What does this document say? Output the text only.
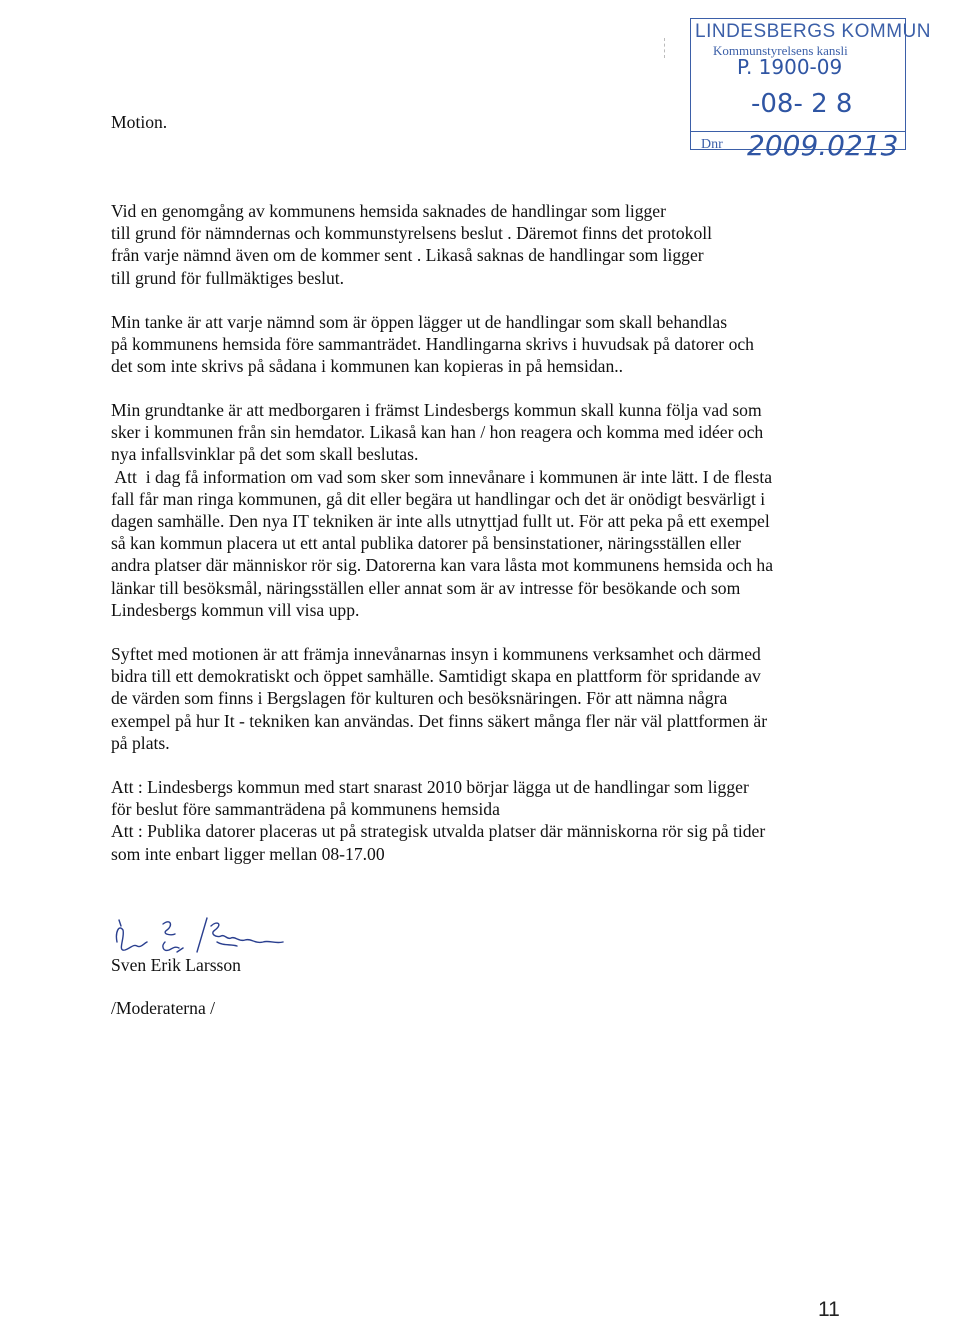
LINDESBERGS KOMMUN
Kommunstyrelsens kansli
P. 1900-09
-08- 2 8
Dnr 2009.0213
Motion.
Vid en genomgång av kommunens hemsida saknades de handlingar som ligger
till grund för nämndernas och kommunstyrelsens beslut . Däremot finns det protokoll
från varje nämnd även om de kommer sent . Likaså saknas de handlingar som ligger
till grund för fullmäktiges beslut.
Min tanke är att varje nämnd som är öppen lägger ut de handlingar som skall behandlas
på kommunens hemsida före sammanträdet. Handlingarna skrivs i huvudsak på datorer och
det som inte skrivs på sådana i kommunen kan kopieras in på hemsidan..
Min grundtanke är att medborgaren i främst Lindesbergs kommun skall kunna följa vad som
sker i kommunen från sin hemdator. Likaså kan han / hon reagera och komma med idéer och
nya infallsvinklar på det som skall beslutas.
Att  i dag få information om vad som sker som innevånare i kommunen är inte lätt. I de flesta
fall får man ringa kommunen, gå dit eller begära ut handlingar och det är onödigt besvärligt i
dagen samhälle. Den nya IT tekniken är inte alls utnyttjad fullt ut. För att peka på ett exempel
så kan kommun placera ut ett antal publika datorer på bensinstationer, näringsställen eller
andra platser där människor rör sig. Datorerna kan vara låsta mot kommunens hemsida och ha
länkar till besöksmål, näringsställen eller annat som är av intresse för besökande och som
Lindesbergs kommun vill visa upp.
Syftet med motionen är att främja innevånarnas insyn i kommunens verksamhet och därmed
bidra till ett demokratiskt och öppet samhälle. Samtidigt skapa en plattform för spridande av
de värden som finns i Bergslagen för kulturen och besöksnäringen. För att nämna några
exempel på hur It - tekniken kan användas. Det finns säkert många fler när väl plattformen är
på plats.
Att : Lindesbergs kommun med start snarast 2010 börjar lägga ut de handlingar som ligger
för beslut före sammanträdena på kommunens hemsida
Att : Publika datorer placeras ut på strategisk utvalda platser där människorna rör sig på tider
som inte enbart ligger mellan 08-17.00
Sven Erik Larsson
/Moderaterna /
11
